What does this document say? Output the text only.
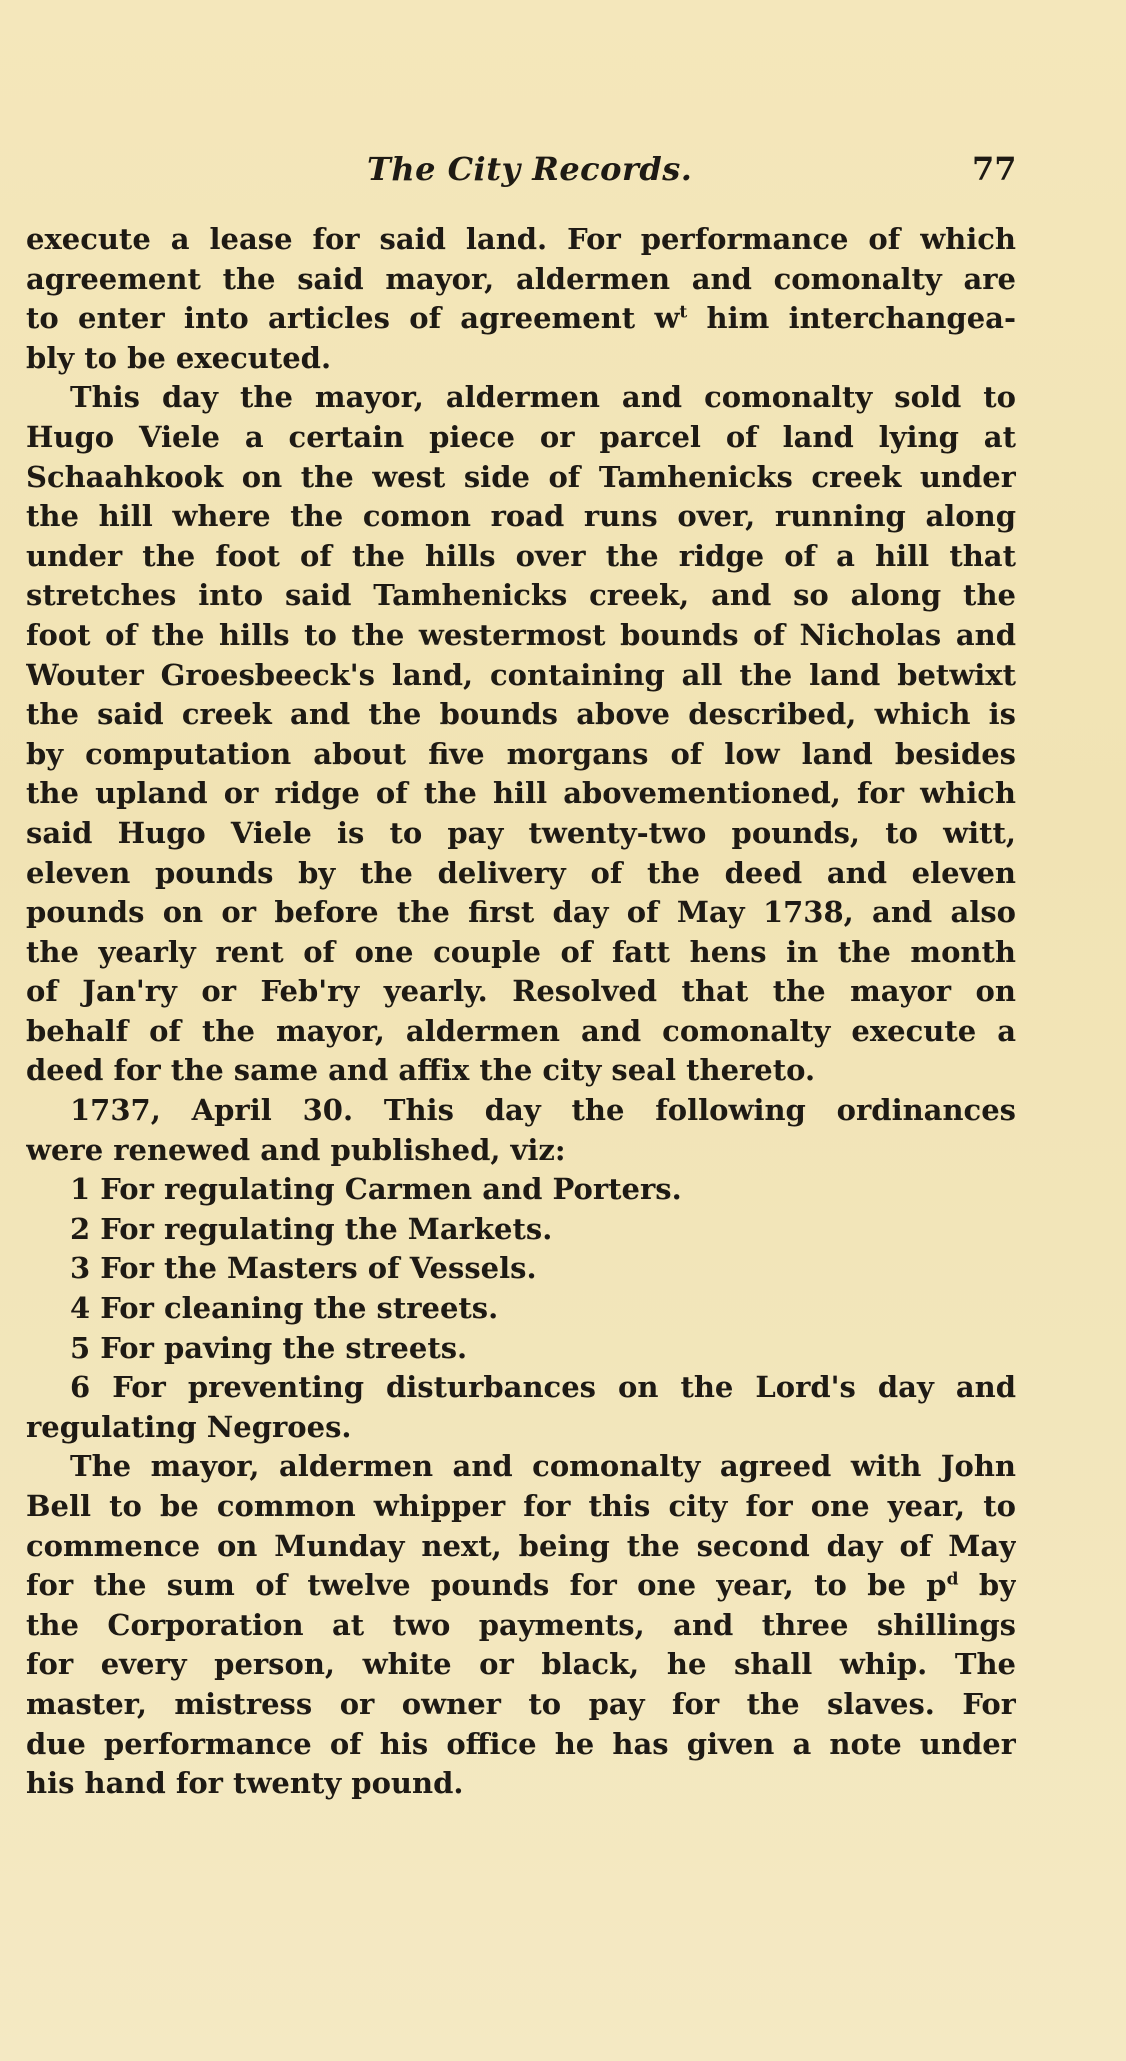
The City Records.	77
execute a lease for said land. For performance of which
agreement the said mayor, aldermen and comonalty are
to enter into articles of agreement $w^t$ him interchangea-
bly to be executed.
This day the mayor, aldermen and comonalty sold to
Hugo Viele a certain piece or parcel of land lying at
Schaahkook on the west side of Tamhenicks creek under
the hill where the comon road runs over, running along
under the foot of the hills over the ridge of a hill that
stretches into said Tamhenicks creek, and so along the
foot of the hills to the westermost bounds of Nicholas and
Wouter Groesbeeck's land, containing all the land betwixt
the said creek and the bounds above described, which is
by computation about five morgans of low land besides
the upland or ridge of the hill abovementioned, for which
said Hugo Viele is to pay twenty-two pounds, to witt,
eleven pounds by the delivery of the deed and eleven
pounds on or before the first day of May 1738, and also
the yearly rent of one couple of fatt hens in the month
of Jan'ry or Feb'ry yearly. Resolved that the mayor on
behalf of the mayor, aldermen and comonalty execute a
deed for the same and affix the city seal thereto.
1737, April 30. This day the following ordinances
were renewed and published, viz:
1 For regulating Carmen and Porters.
2 For regulating the Markets.
3 For the Masters of Vessels.
4 For cleaning the streets.
5 For paving the streets.
6 For preventing disturbances on the Lord's day and
regulating Negroes.
The mayor, aldermen and comonalty agreed with John
Bell to be common whipper for this city for one year, to
commence on Munday next, being the second day of May
for the sum of twelve pounds for one year, to be $p^d$ by
the Corporation at two payments, and three shillings
for every person, white or black, he shall whip. The
master, mistress or owner to pay for the slaves. For
due performance of his office he has given a note under
his hand for twenty pound.
